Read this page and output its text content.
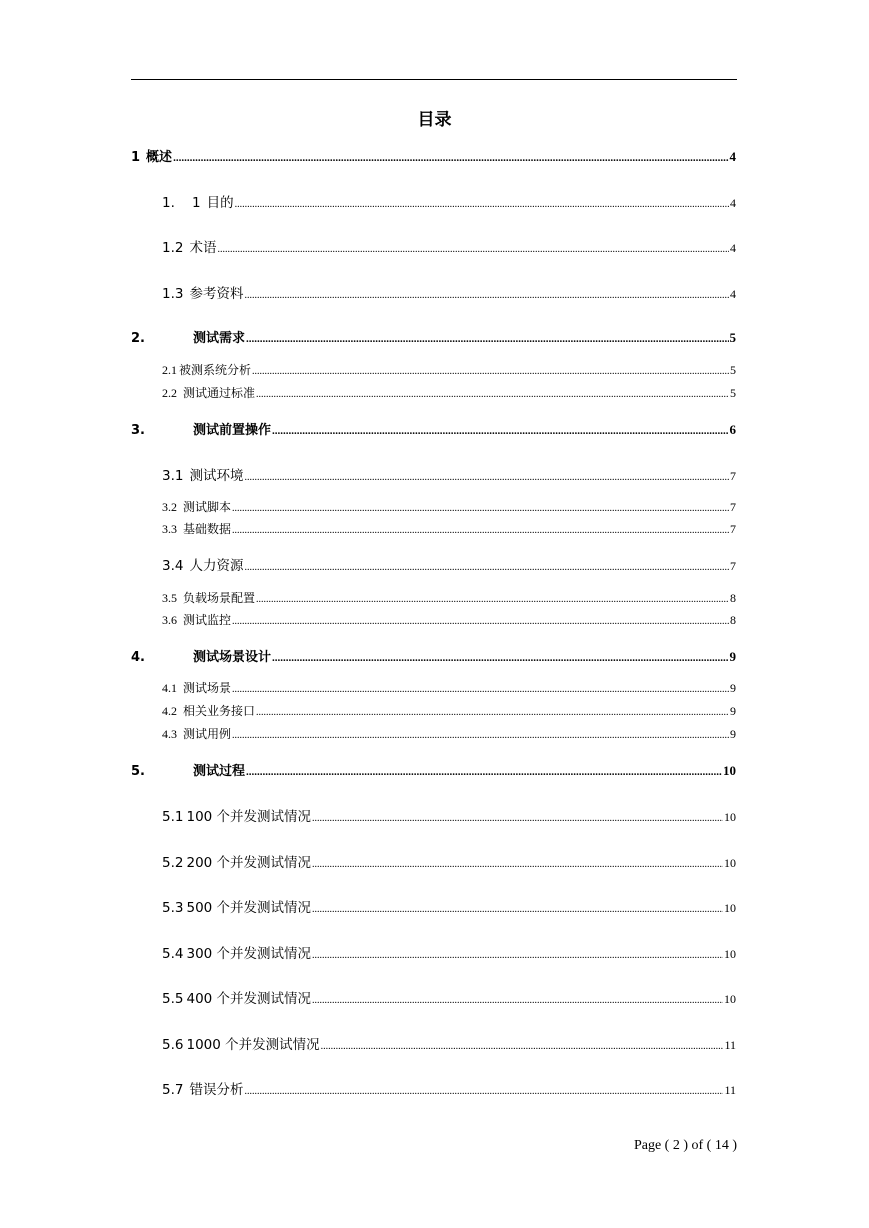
目录
1 概述 .....	4
1.    1 目的 .....	4
1.2 术语 .....	4
1.3 参考资料 .....	4
2.	测试需求 .....	5
2.1 被测系统分析 .....	5
2.2 测试通过标准 .....	5
3.	测试前置操作 .....	6
3.1 测试环境 .....	7
3.2 测试脚本 .....	7
3.3 基础数据 .....	7
3.4 人力资源 .....	7
3.5 负载场景配置 .....	8
3.6 测试监控 .....	8
4.	测试场景设计 .....	9
4.1 测试场景 .....	9
4.2 相关业务接口 .....	9
4.3 测试用例 .....	9
5.	测试过程 .....	10
5.1 100 个并发测试情况 .....	10
5.2 200 个并发测试情况 .....	10
5.3 500 个并发测试情况 .....	10
5.4 300 个并发测试情况 .....	10
5.5 400 个并发测试情况 .....	10
5.6 1000 个并发测试情况 .....	11
5.7 错误分析 .....	11
Page ( 2 ) of ( 14 )
